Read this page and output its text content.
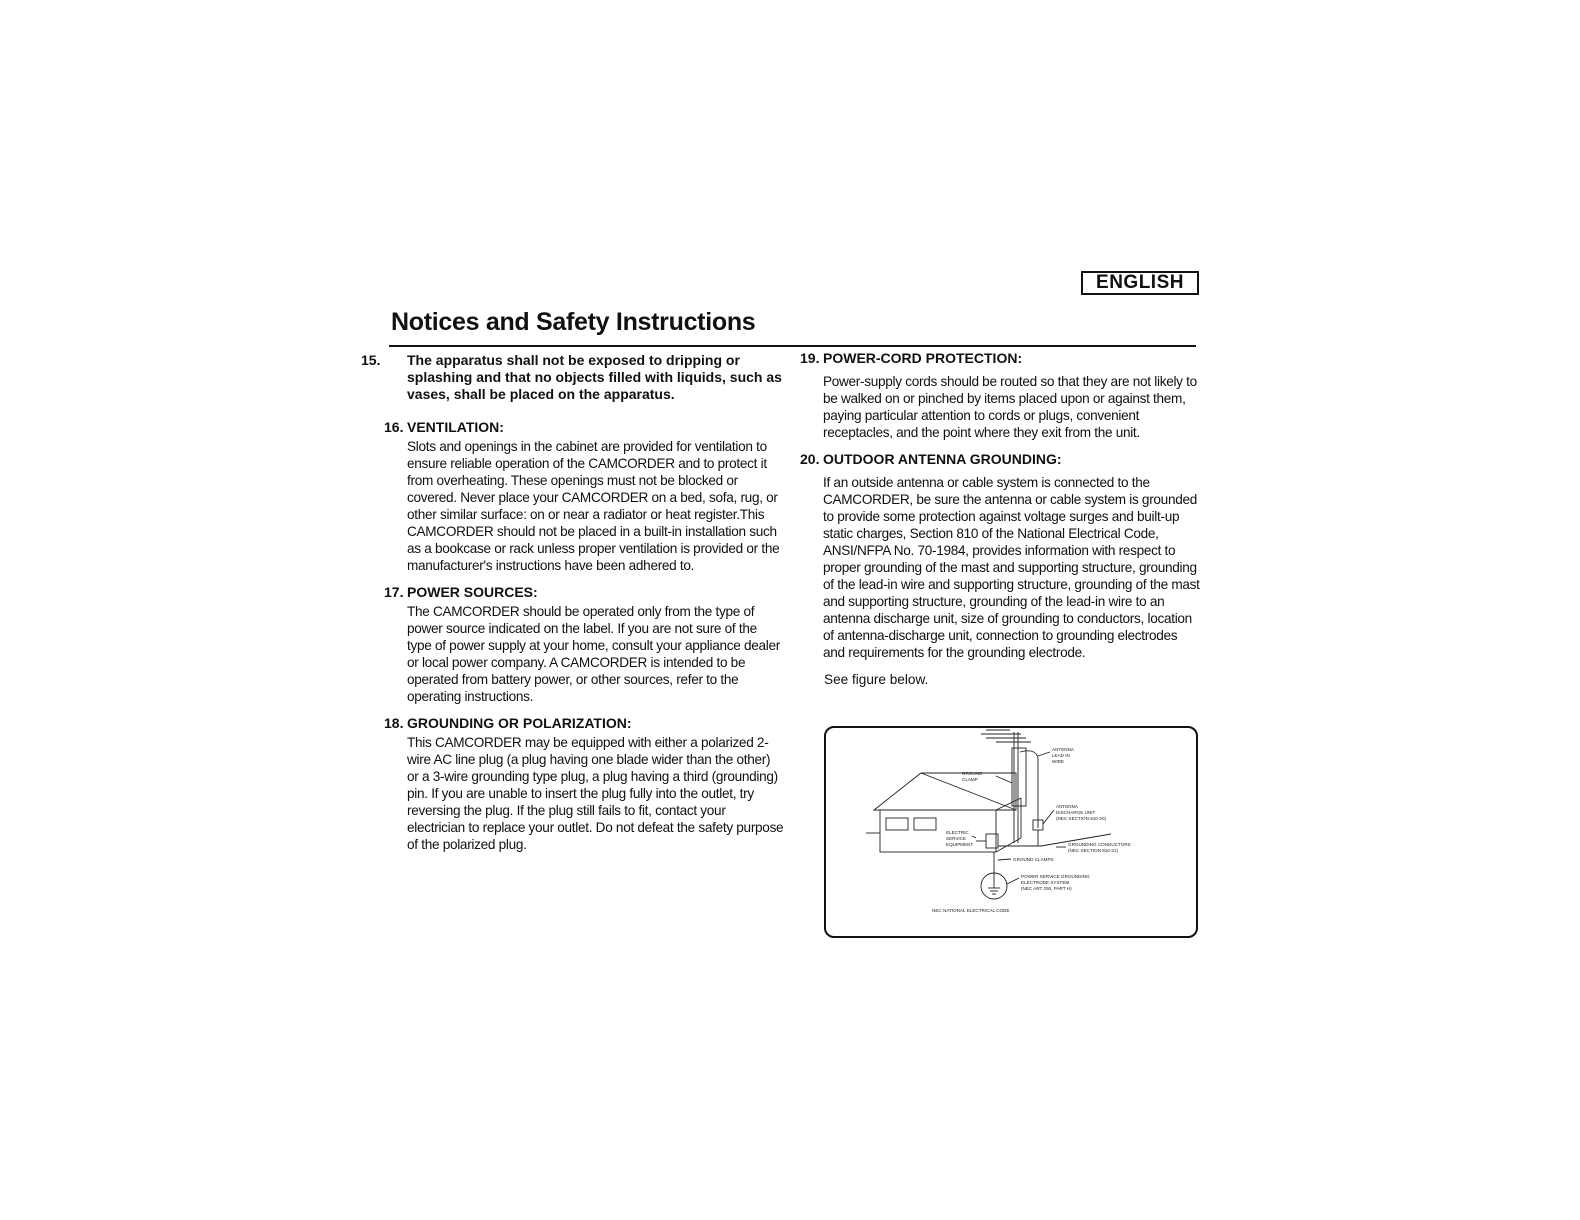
ENGLISH
Notices and Safety Instructions

15. The apparatus shall not be exposed to dripping or splashing and that no objects filled with liquids, such as vases, shall be placed on the apparatus.

16. VENTILATION:

Slots and openings in the cabinet are provided for ventilation to ensure reliable operation of the CAMCORDER and to protect it from overheating. These openings must not be blocked or covered. Never place your CAMCORDER on a bed, sofa, rug, or other similar surface: on or near a radiator or heat register.This CAMCORDER should not be placed in a built-in installation such as a bookcase or rack unless proper ventilation is provided or the manufacturer's instructions have been adhered to.

17. POWER SOURCES:

The CAMCORDER should be operated only from the type of power source indicated on the label. If you are not sure of the type of power supply at your home, consult your appliance dealer or local power company. A CAMCORDER is intended to be operated from battery power, or other sources, refer to the operating instructions.

18. GROUNDING OR POLARIZATION:

This CAMCORDER may be equipped with either a polarized 2-wire AC line plug (a plug having one blade wider than the other) or a 3-wire grounding type plug, a plug having a third (grounding) pin. If you are unable to insert the plug fully into the outlet, try reversing the plug. If the plug still fails to fit, contact your electrician to replace your outlet. Do not defeat the safety purpose of the polarized plug.

19. POWER-CORD PROTECTION:

Power-supply cords should be routed so that they are not likely to be walked on or pinched by items placed upon or against them, paying particular attention to cords or plugs, convenient receptacles, and the point where they exit from the unit.

20. OUTDOOR ANTENNA GROUNDING:

If an outside antenna or cable system is connected to the CAMCORDER, be sure the antenna or cable system is grounded to provide some protection against voltage surges and built-up static charges, Section 810 of the National Electrical Code, ANSI/NFPA No. 70-1984, provides information with respect to proper grounding of the mast and supporting structure, grounding of the lead-in wire and supporting structure, grounding of the mast and supporting structure, grounding of the lead-in wire to an antenna discharge unit, size of grounding to conductors, location of antenna-discharge unit, connection to grounding electrodes and requirements for the grounding electrode.

See figure below.

ANTENNA
LEAD IN
WIRE
GROUND
CLAMP
ANTENNA
DISCHARGE UNIT
(NEC SECTION 810-20)
ELECTRIC
SERVICE
EQUIPMENT	GROUNDING CONDUCTORS
(NEC SECTION 810-21)
GROUND CLAMPS
POWER SERVICE GROUNDING
ELECTRODE SYSTEM
(NEC ART 250, PART H)
NEC NATIONAL ELECTRICAL CODE
